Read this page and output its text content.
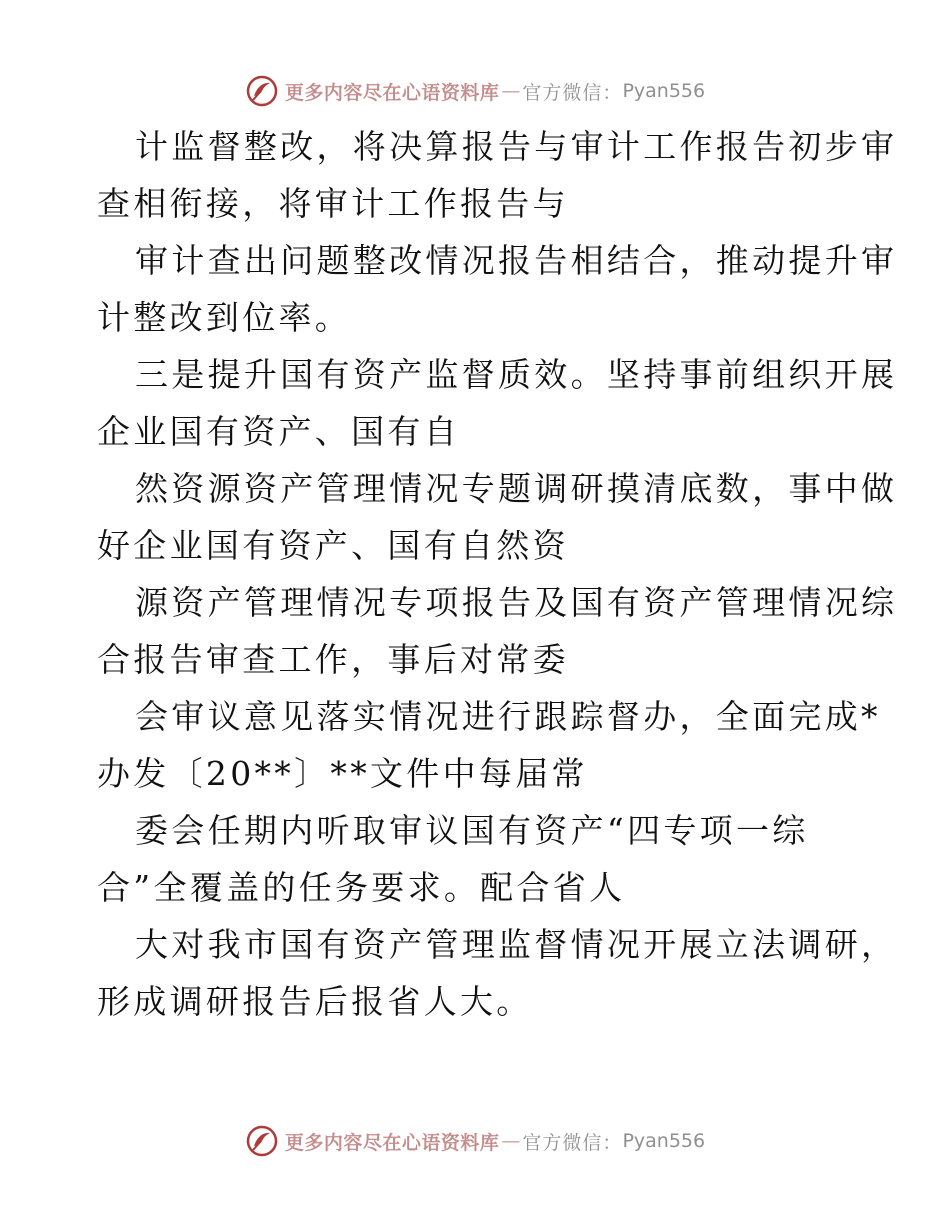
更多内容尽在心语资料库 — 官方微信： Pyan556
计监督整改，将决算报告与审计工作报告初步审
查相衔接，将审计工作报告与
审计查出问题整改情况报告相结合，推动提升审
计整改到位率。
三是提升国有资产监督质效。坚持事前组织开展
企业国有资产、国有自
然资源资产管理情况专题调研摸清底数，事中做
好企业国有资产、国有自然资
源资产管理情况专项报告及国有资产管理情况综
合报告审查工作，事后对常委
会审议意见落实情况进行跟踪督办，全面完成*
办发〔20**〕**文件中每届常
委会任期内听取审议国有资产“四专项一综
合”全覆盖的任务要求。配合省人
大对我市国有资产管理监督情况开展立法调研，
形成调研报告后报省人大。
更多内容尽在心语资料库 — 官方微信： Pyan556
